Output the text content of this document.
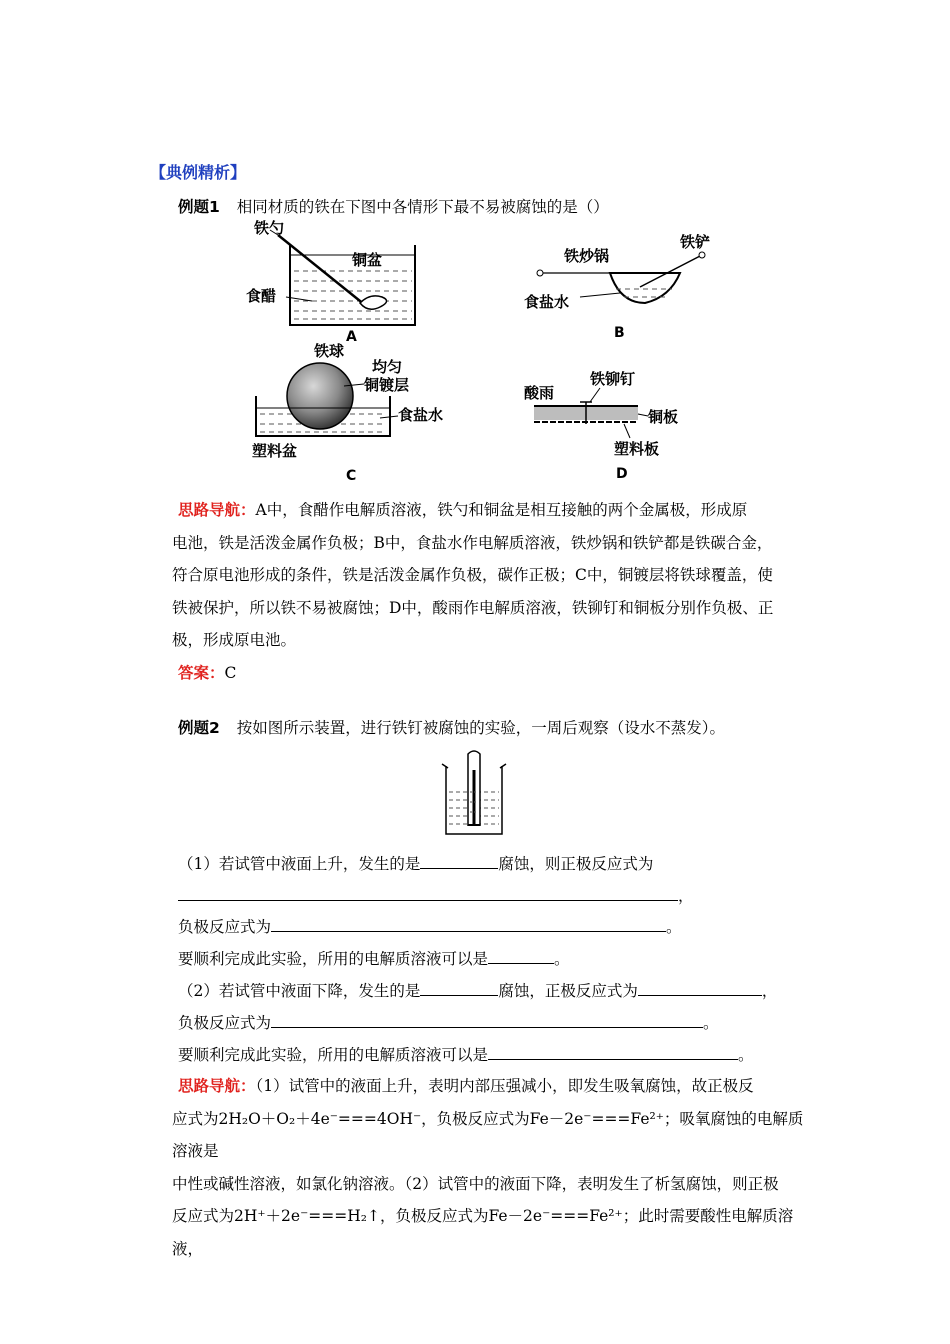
【典例精析】
例题1 相同材质的铁在下图中各情形下最不易被腐蚀的是（）
铁勺
铜盆
食醋
A
铁炒锅
铁铲
食盐水
B
铁球
均匀
铜镀层
食盐水
塑料盆
C
酸雨
铁铆钉
铜板
塑料板
D
思路导航：A中，食醋作电解质溶液，铁勺和铜盆是相互接触的两个金属极，形成原
电池，铁是活泼金属作负极；B中，食盐水作电解质溶液，铁炒锅和铁铲都是铁碳合金，
符合原电池形成的条件，铁是活泼金属作负极，碳作正极；C中，铜镀层将铁球覆盖，使
铁被保护，所以铁不易被腐蚀；D中，酸雨作电解质溶液，铁铆钉和铜板分别作负极、正
极，形成原电池。
答案：C
例题2 按如图所示装置，进行铁钉被腐蚀的实验，一周后观察（设水不蒸发）。
（1）若试管中液面上升，发生的是	腐蚀，则正极反应式为
，
负极反应式为	。
要顺利完成此实验，所用的电解质溶液可以是	。
（2）若试管中液面下降，发生的是	腐蚀，正极反应式为	，
负极反应式为	。
要顺利完成此实验，所用的电解质溶液可以是	。
思路导航：（1）试管中的液面上升，表明内部压强减小，即发生吸氧腐蚀，故正极反
应式为2H₂O＋O₂＋4e⁻===4OH⁻，负极反应式为Fe－2e⁻===Fe²⁺；吸氧腐蚀的电解质溶液是
中性或碱性溶液，如氯化钠溶液。（2）试管中的液面下降，表明发生了析氢腐蚀，则正极
反应式为2H⁺＋2e⁻===H₂↑，负极反应式为Fe－2e⁻===Fe²⁺；此时需要酸性电解质溶液，
